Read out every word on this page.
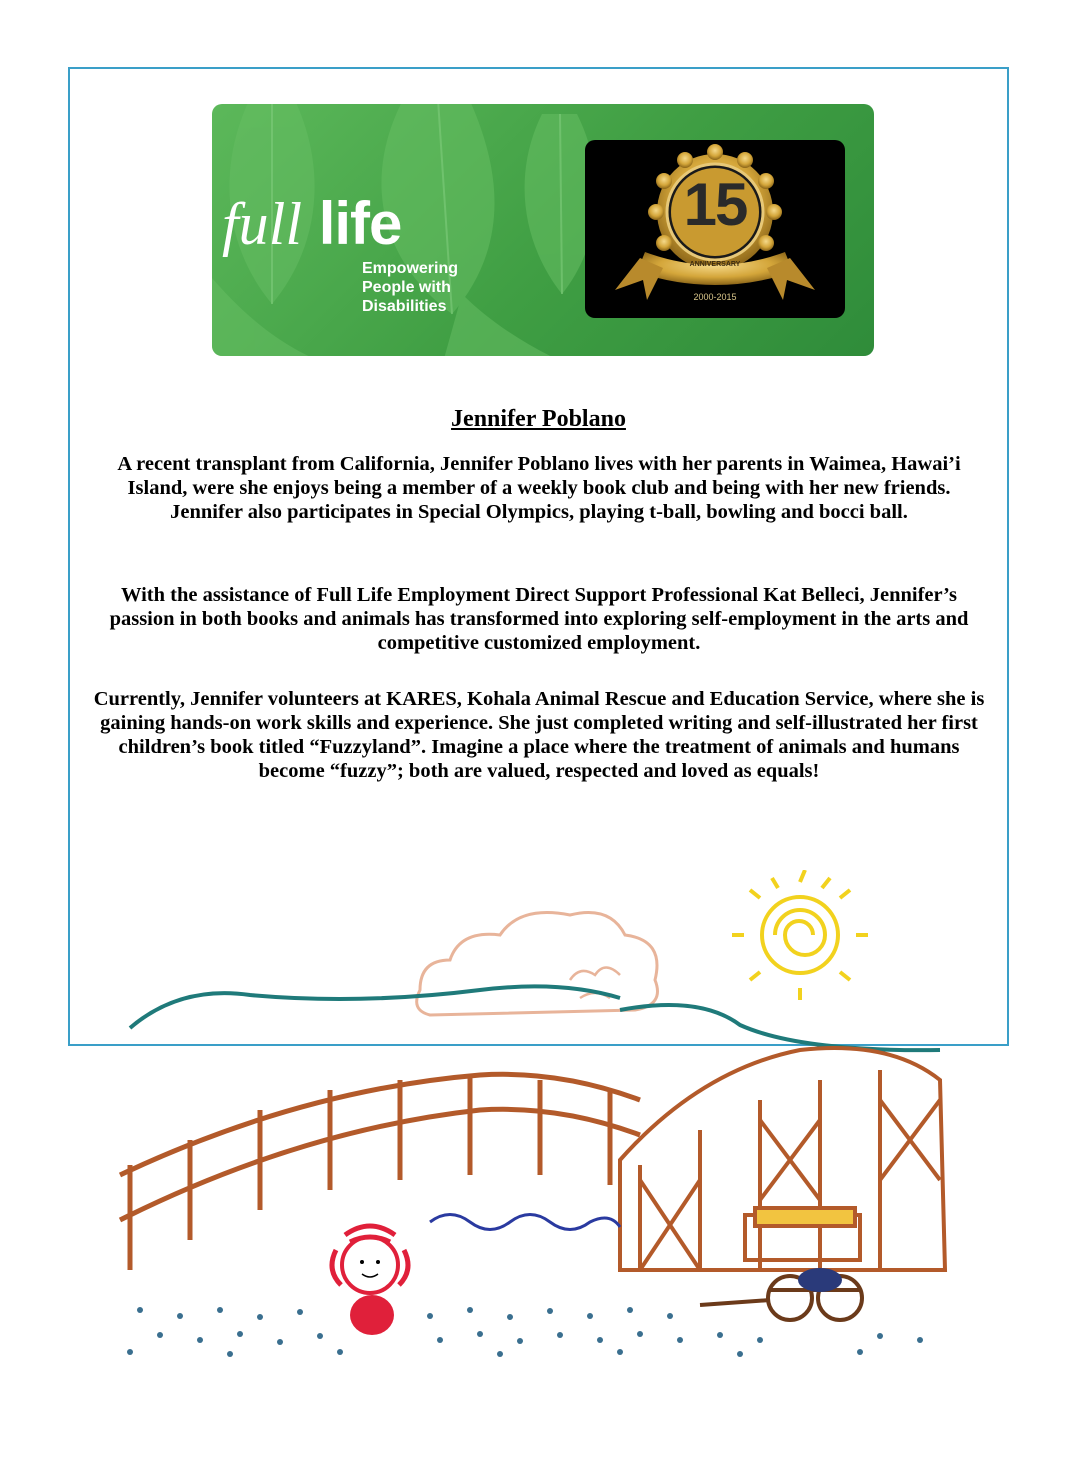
full life
Empowering
People with
Disabilities
15
ANNIVERSARY
2000-2015
Jennifer Poblano

A recent transplant from California, Jennifer Poblano lives with her parents in Waimea, Hawai’i Island, were she enjoys being a member of a weekly book club and being with her new friends. Jennifer also participates in Special Olympics, playing t-ball, bowling and bocci ball.

With the assistance of Full Life Employment Direct Support Professional Kat Belleci, Jennifer’s passion in both books and animals has transformed into exploring self-employment in the arts and competitive customized employment.

Currently, Jennifer volunteers at KARES, Kohala Animal Rescue and Education Service, where she is gaining hands-on work skills and experience. She just completed writing and self-illustrated her first children’s book titled “Fuzzyland”. Imagine a place where the treatment of animals and humans become “fuzzy”; both are valued, respected and loved as equals!
